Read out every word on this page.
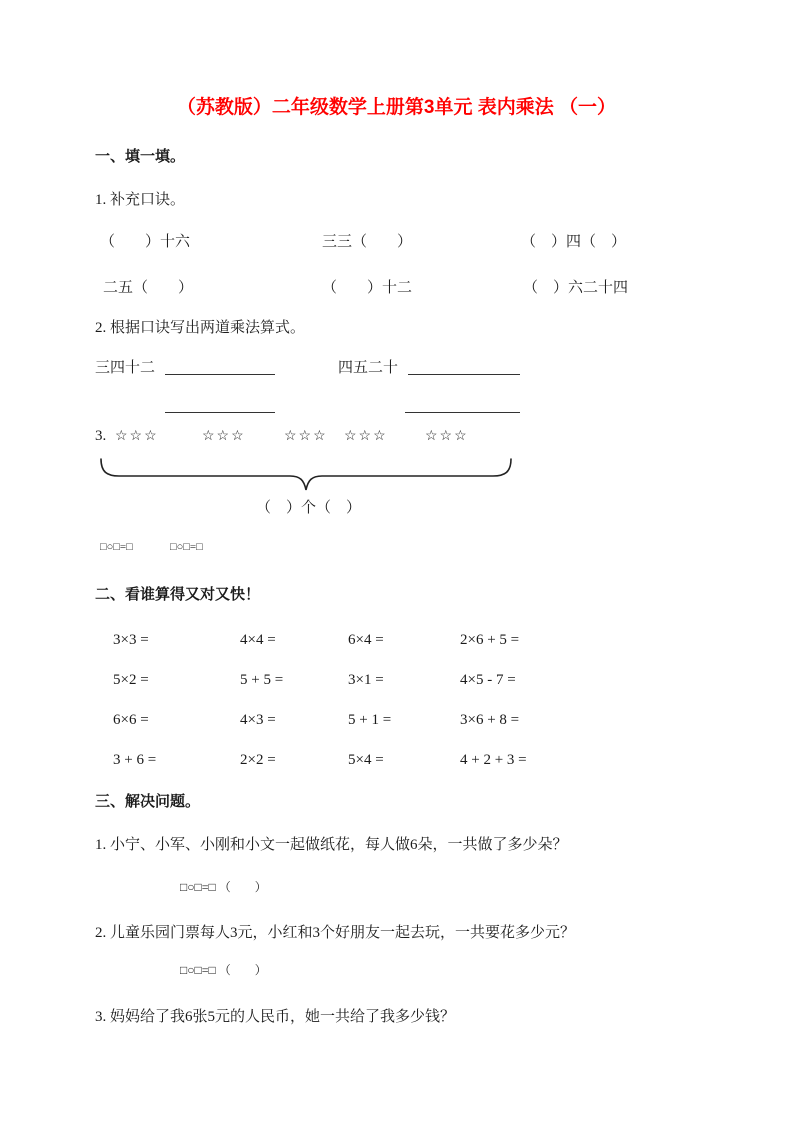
（苏教版）二年级数学上册第3单元 表内乘法 （一）
一、填一填。
1. 补充口诀。
（　　）十六	三三（　　）	（　）四（　）
二五（　　）	（　　）十二	（　）六二十四
2. 根据口诀写出两道乘法算式。
三四十二	四五二十
3. ☆☆☆	☆☆☆	☆☆☆ ☆☆☆	☆☆☆
（　）个（　）
□○□=□	□○□=□
二、看谁算得又对又快！
3×3 =	4×4 =	6×4 =	2×6 + 5 =
5×2 =	5 + 5 =	3×1 =	4×5 - 7 =
6×6 =	4×3 =	5 + 1 =	3×6 + 8 =
3 + 6 =	2×2 =	5×4 =	4 + 2 + 3 =
三、解决问题。
1. 小宁、小军、小刚和小文一起做纸花，每人做6朵，一共做了多少朵？
□○□=□ （　　）
2. 儿童乐园门票每人3元，小红和3个好朋友一起去玩，一共要花多少元？
□○□=□ （　　）
3. 妈妈给了我6张5元的人民币，她一共给了我多少钱？
